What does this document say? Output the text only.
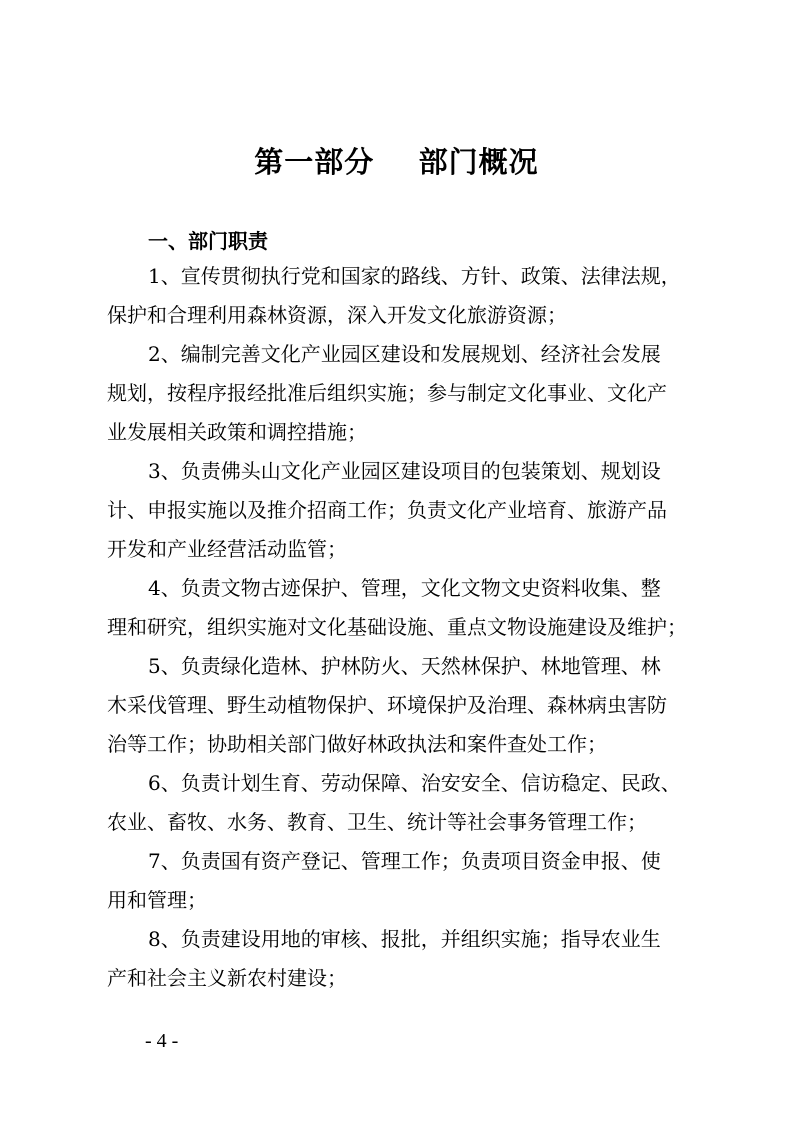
第一部分    部门概况
一、部门职责
1、宣传贯彻执行党和国家的路线、方针、政策、法律法规，
保护和合理利用森林资源，深入开发文化旅游资源；
2、编制完善文化产业园区建设和发展规划、经济社会发展
规划，按程序报经批准后组织实施；参与制定文化事业、文化产
业发展相关政策和调控措施；
3、负责佛头山文化产业园区建设项目的包装策划、规划设
计、申报实施以及推介招商工作；负责文化产业培育、旅游产品
开发和产业经营活动监管；
4、负责文物古迹保护、管理，文化文物文史资料收集、整
理和研究，组织实施对文化基础设施、重点文物设施建设及维护；
5、负责绿化造林、护林防火、天然林保护、林地管理、林
木采伐管理、野生动植物保护、环境保护及治理、森林病虫害防
治等工作；协助相关部门做好林政执法和案件查处工作；
6、负责计划生育、劳动保障、治安安全、信访稳定、民政、
农业、畜牧、水务、教育、卫生、统计等社会事务管理工作；
7、负责国有资产登记、管理工作；负责项目资金申报、使
用和管理；
8、负责建设用地的审核、报批，并组织实施；指导农业生
产和社会主义新农村建设；
- 4 -
